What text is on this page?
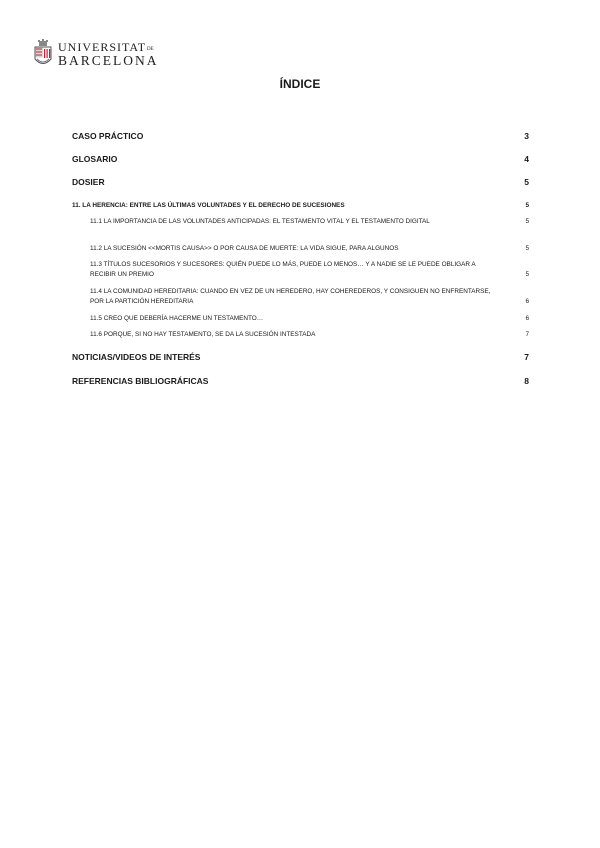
UNIVERSITATDE
BARCELONA
ÍNDICE
CASO PRÁCTICO	3
GLOSARIO	4
DOSIER	5
11. LA HERENCIA: ENTRE LAS ÚLTIMAS VOLUNTADES Y EL DERECHO DE SUCESIONES	5
11.1 LA IMPORTANCIA DE LAS VOLUNTADES ANTICIPADAS: EL TESTAMENTO VITAL Y EL TESTAMENTO DIGITAL	5
11.2 LA SUCESIÓN <<MORTIS CAUSA>> O POR CAUSA DE MUERTE: LA VIDA SIGUE, PARA ALGUNOS	5
11.3 TÍTULOS SUCESORIOS Y SUCESORES: QUIÉN PUEDE LO MÁS, PUEDE LO MENOS… Y A NADIE SE LE PUEDE OBLIGAR A RECIBIR UN PREMIO	5
11.4 LA COMUNIDAD HEREDITARIA: CUANDO EN VEZ DE UN HEREDERO, HAY COHEREDEROS, Y CONSIGUEN NO ENFRENTARSE, POR LA PARTICIÓN HEREDITARIA	6
11.5 CREO QUE DEBERÍA HACERME UN TESTAMENTO…	6
11.6 PORQUE, SI NO HAY TESTAMENTO, SE DA LA SUCESIÓN INTESTADA	7
NOTICIAS/VIDEOS DE INTERÉS	7
REFERENCIAS BIBLIOGRÁFICAS	8
